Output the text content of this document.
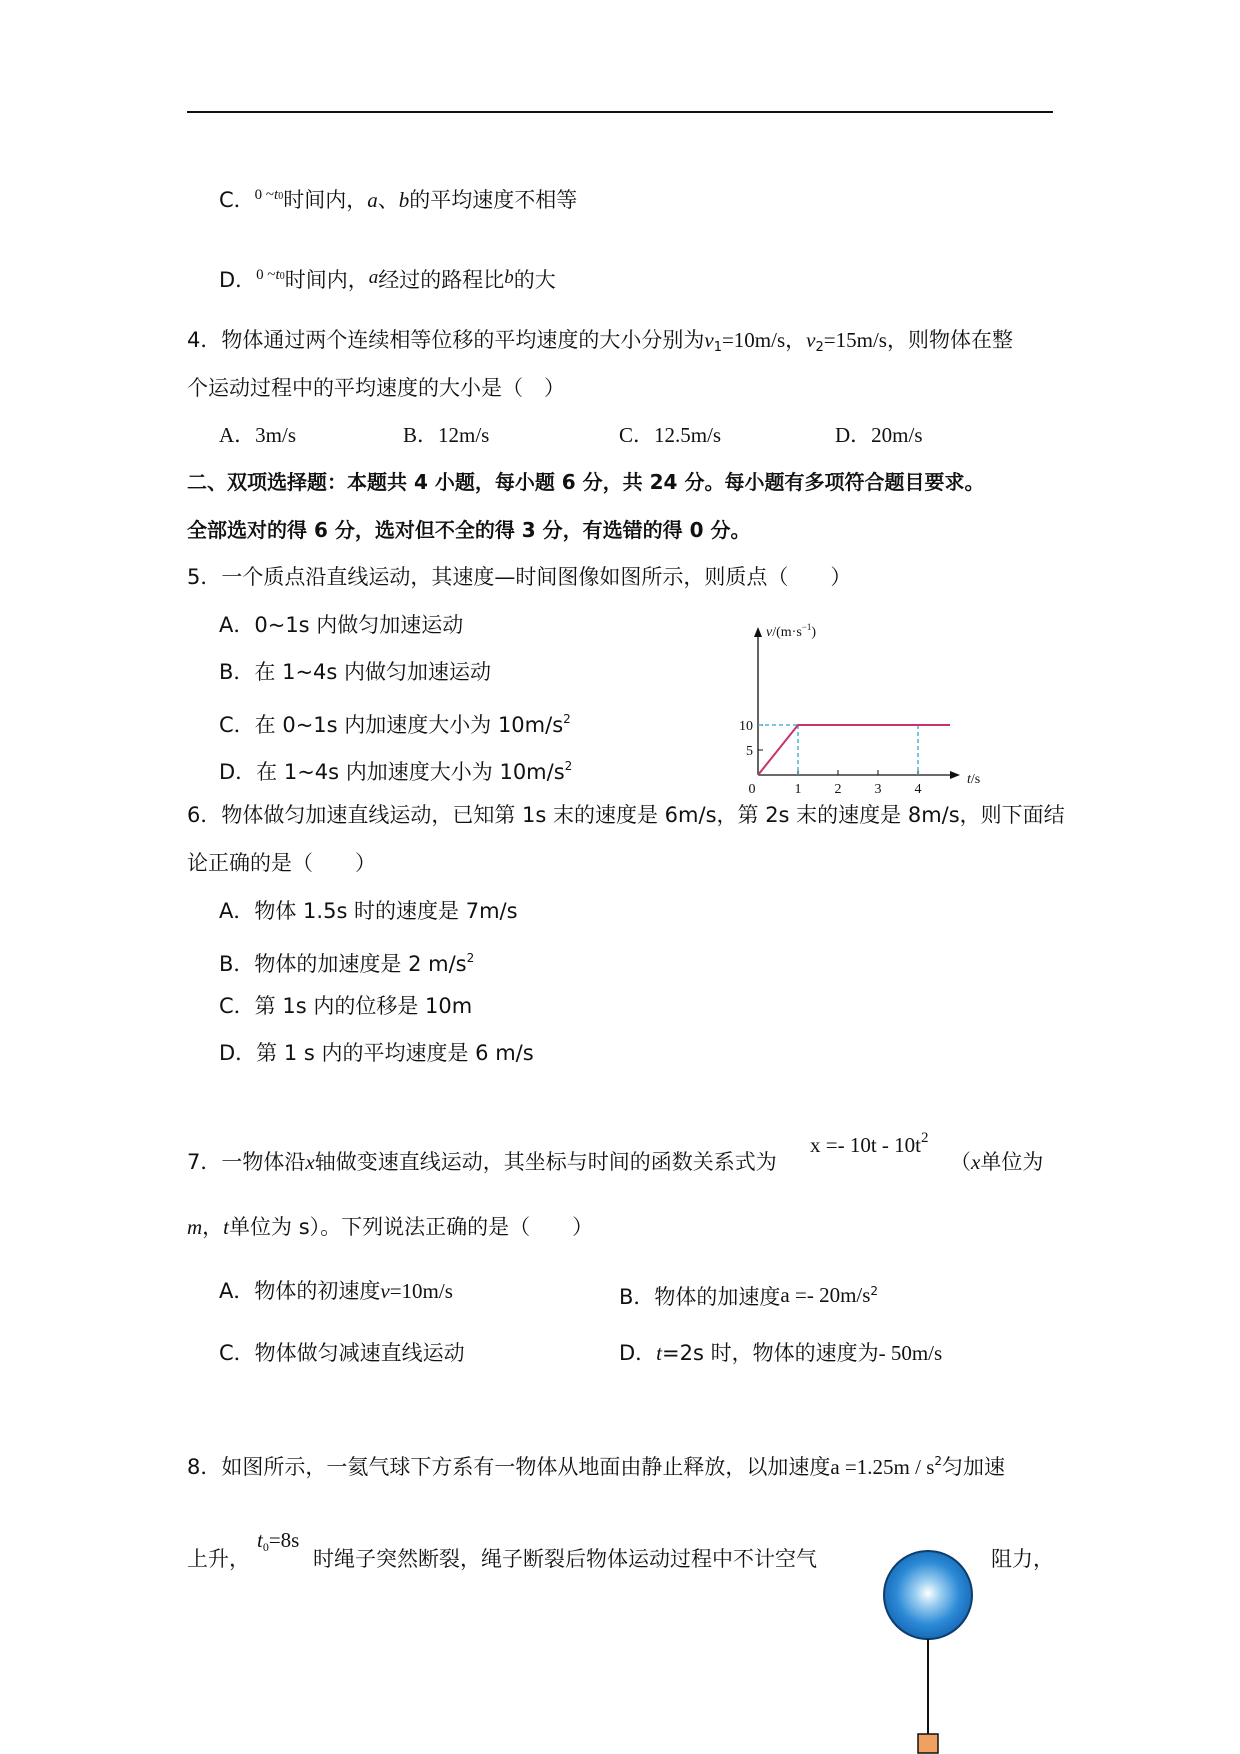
C．$^{0 \sim t0}$时间内，a、b的平均速度不相等
D．$^{0 \sim t0}$时间内，a经过的路程比b的大
4．物体通过两个连续相等位移的平均速度的大小分别为$v_1=10m/s$，$v_2=15m/s$，则物体在整
个运动过程中的平均速度的大小是（　）
A．3m/s	B．12m/s	C．12.5m/s	D．20m/s
二、双项选择题：本题共 4 小题，每小题 6 分，共 24 分。每小题有多项符合题目要求。
全部选对的得 6 分，选对但不全的得 3 分，有选错的得 0 分。
5．一个质点沿直线运动，其速度—时间图像如图所示，则质点（　　）
A．0~1s 内做匀加速运动
B．在 1~4s 内做匀加速运动
C．在 0~1s 内加速度大小为 $10m/s^2$
D．在 1~4s 内加速度大小为 $10m/s^2$
5
10
0	1 2 3 4
$v/(m\cdot s^{-1})$
t/s
6．物体做匀加速直线运动，已知第 1s 末的速度是 6m/s，第 2s 末的速度是 8m/s，则下面结
论正确的是（　　）
A．物体 1.5s 时的速度是 7m/s
B．物体的加速度是 2 $m/s^2$
C．第 1s 内的位移是 10m
D．第 1 s 内的平均速度是 6 m/s
7．一物体沿x轴做变速直线运动，其坐标与时间的函数关系式为
$x =- 10t - 10t^2$
（x单位为
m，t单位为 s）。下列说法正确的是（　　）
A．物体的初速度v=10m/s	B．物体的加速度$a =- 20m/s^2$
C．物体做匀减速直线运动	D．t=2s 时，物体的速度为- 50m/s
8．如图所示，一氦气球下方系有一物体从地面由静止释放，以加速度$a =1.25m / s^2$匀加速
上升，
t0=8s
时绳子突然断裂，绳子断裂后物体运动过程中不计空气	阻力，
